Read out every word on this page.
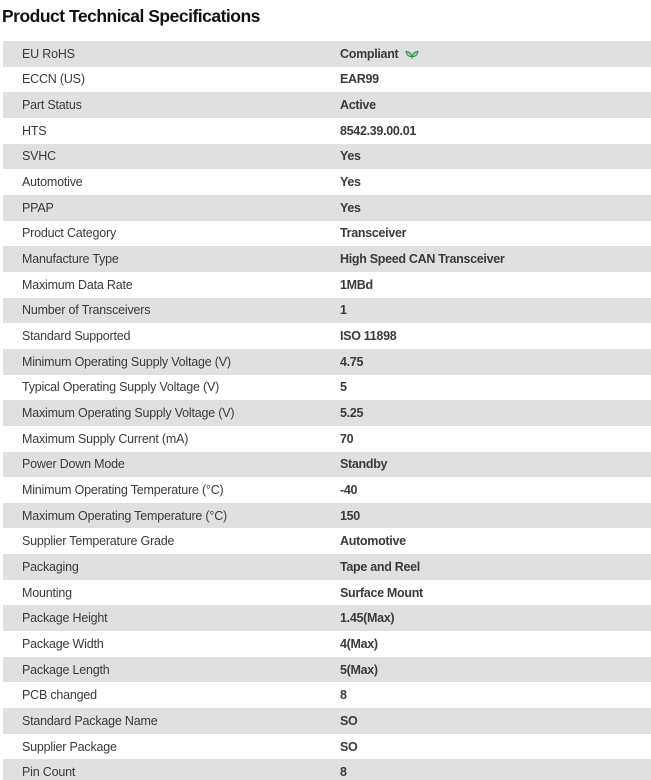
Product Technical Specifications
EU RoHS	Compliant
ECCN (US)	EAR99
Part Status	Active
HTS	8542.39.00.01
SVHC	Yes
Automotive	Yes
PPAP	Yes
Product Category	Transceiver
Manufacture Type	High Speed CAN Transceiver
Maximum Data Rate	1MBd
Number of Transceivers	1
Standard Supported	ISO 11898
Minimum Operating Supply Voltage (V)	4.75
Typical Operating Supply Voltage (V)	5
Maximum Operating Supply Voltage (V)	5.25
Maximum Supply Current (mA)	70
Power Down Mode	Standby
Minimum Operating Temperature (°C)	-40
Maximum Operating Temperature (°C)	150
Supplier Temperature Grade	Automotive
Packaging	Tape and Reel
Mounting	Surface Mount
Package Height	1.45(Max)
Package Width	4(Max)
Package Length	5(Max)
PCB changed	8
Standard Package Name	SO
Supplier Package	SO
Pin Count	8
